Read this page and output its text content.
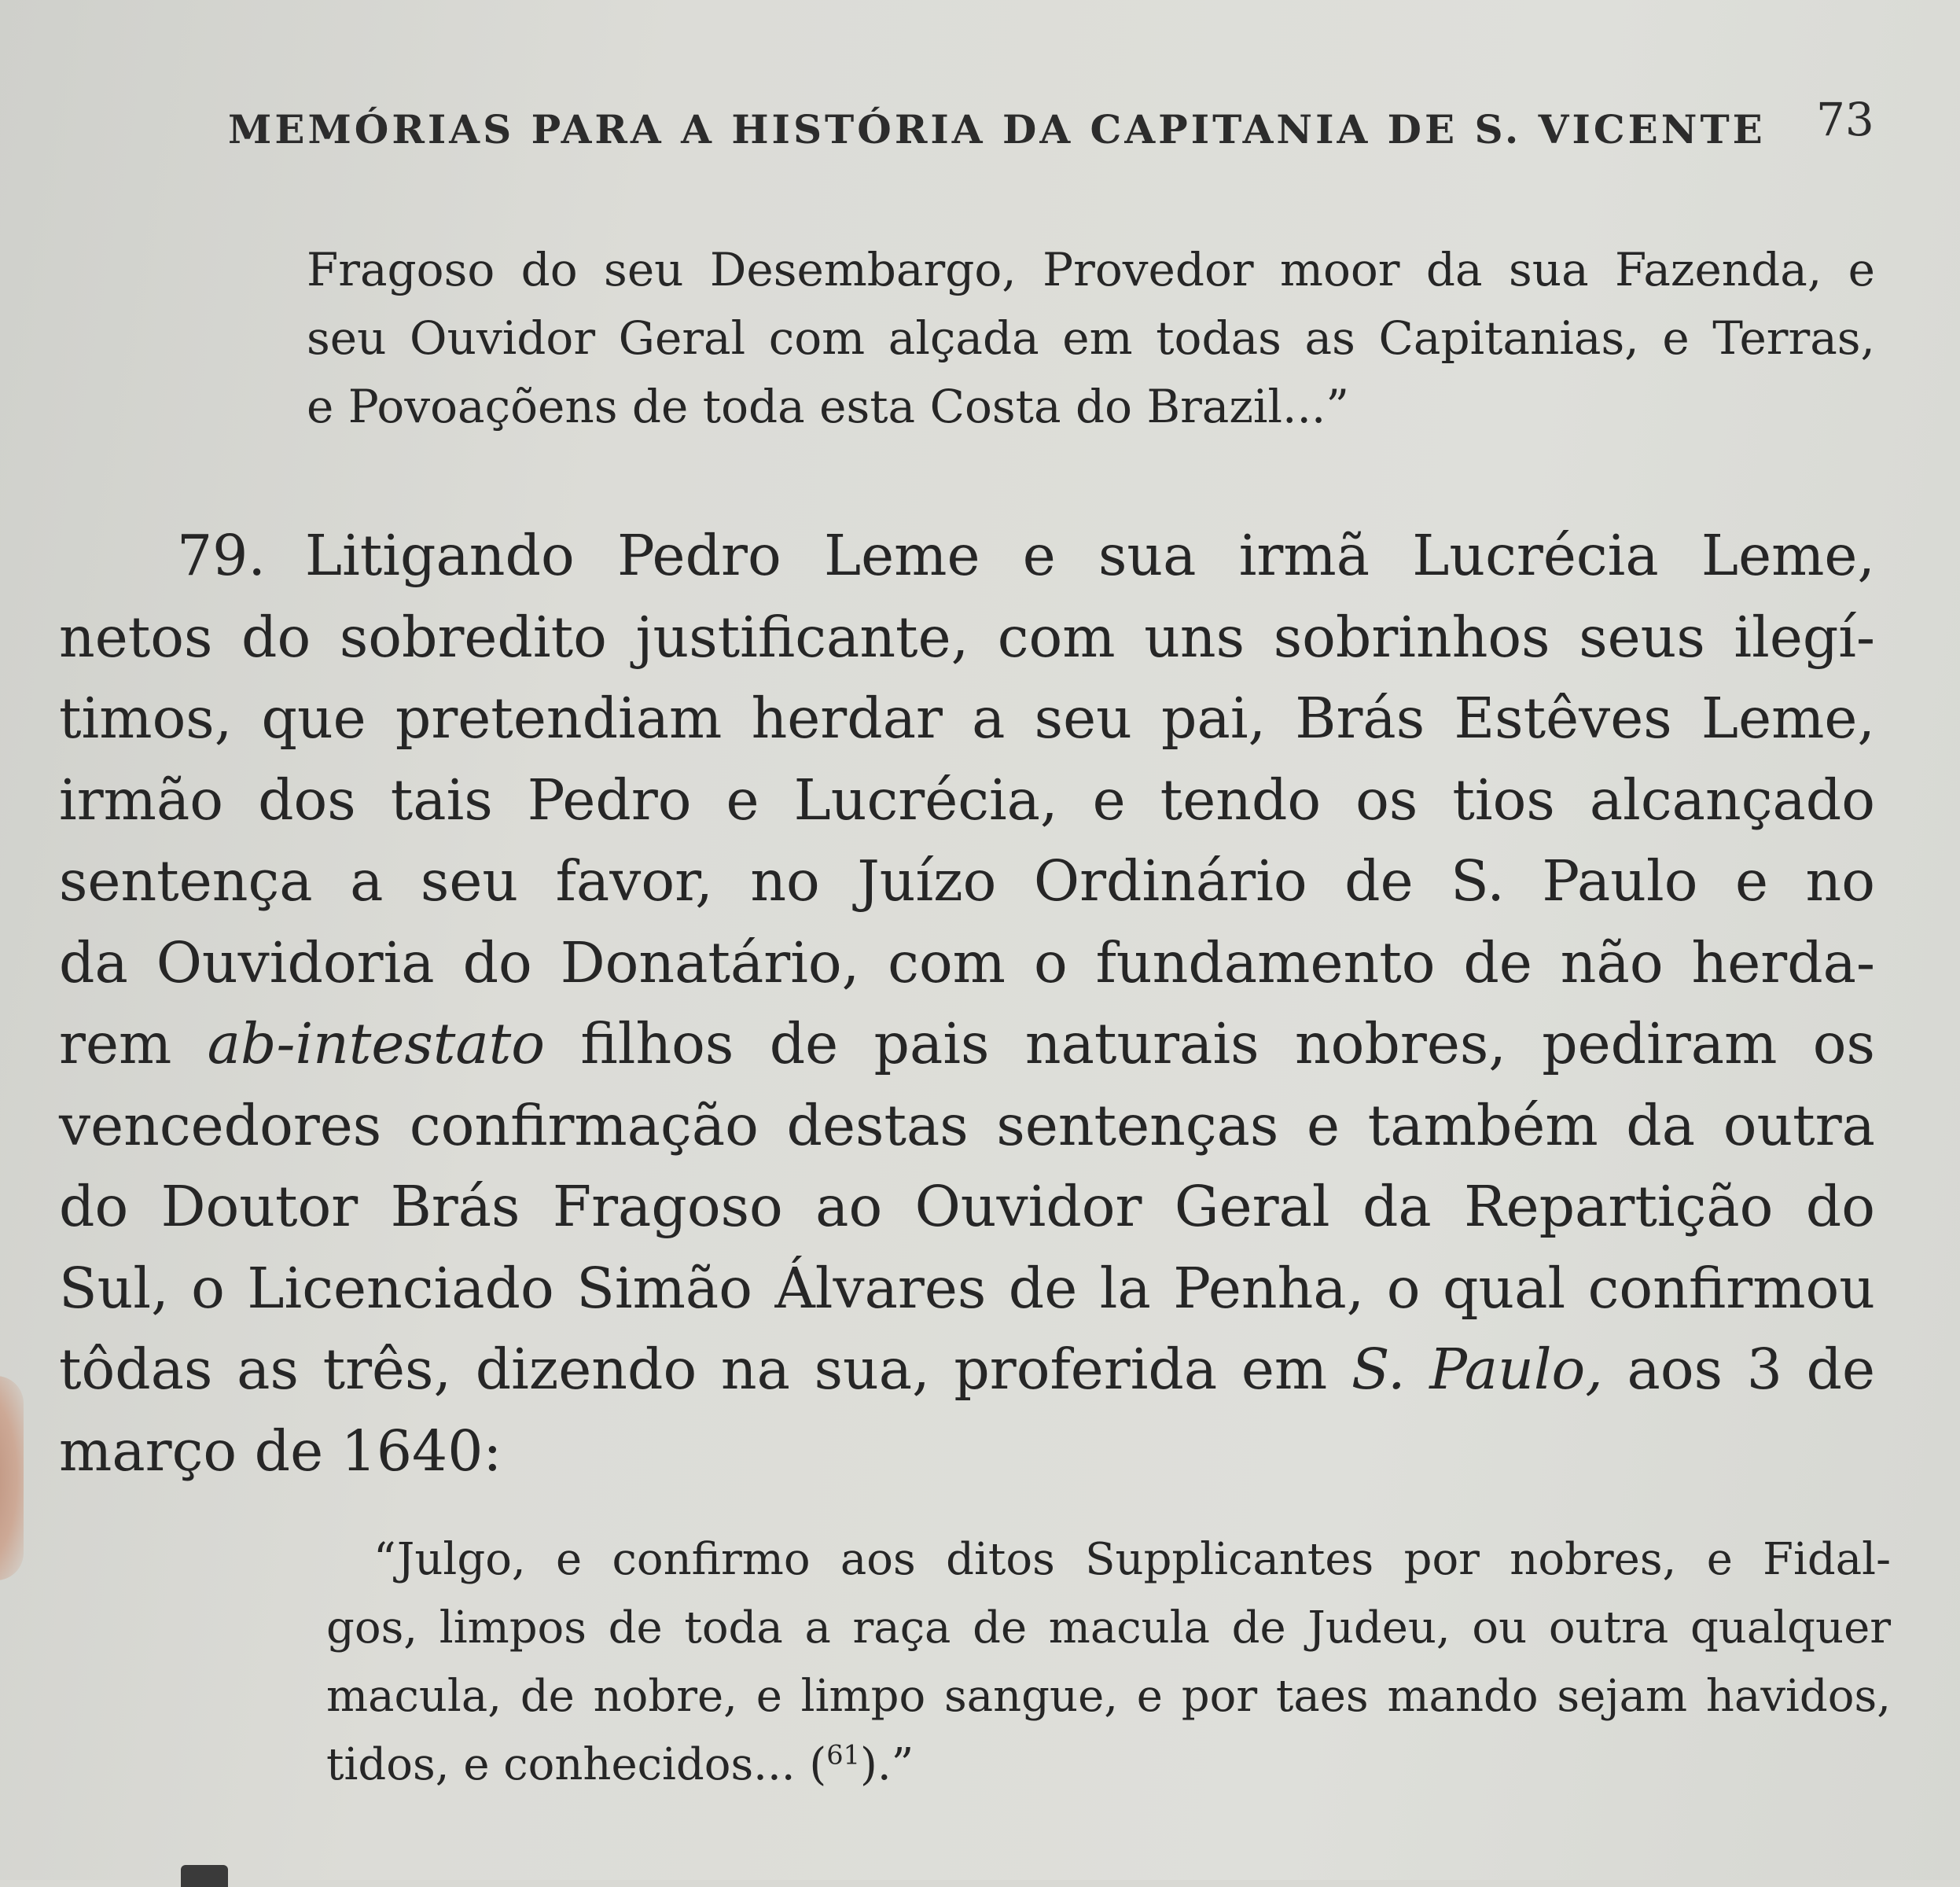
MEMÓRIAS PARA A HISTÓRIA DA CAPITANIA DE S. VICENTE 73
Fragoso do seu Desembargo, Provedor moor da sua Fazenda, e
seu Ouvidor Geral com alçada em todas as Capitanias, e Terras,
e Povoaçõens de toda esta Costa do Brazil...”
79. Litigando Pedro Leme e sua irmã Lucrécia Leme,
netos do sobredito justificante, com uns sobrinhos seus ilegí-
timos, que pretendiam herdar a seu pai, Brás Estêves Leme,
irmão dos tais Pedro e Lucrécia, e tendo os tios alcançado
sentença a seu favor, no Juízo Ordinário de S. Paulo e no
da Ouvidoria do Donatário, com o fundamento de não herda-
rem ab-intestato filhos de pais naturais nobres, pediram os
vencedores confirmação destas sentenças e também da outra
do Doutor Brás Fragoso ao Ouvidor Geral da Repartição do
Sul, o Licenciado Simão Álvares de la Penha, o qual confirmou
tôdas as três, dizendo na sua, proferida em S. Paulo, aos 3 de
março de 1640:
“Julgo, e confirmo aos ditos Supplicantes por nobres, e Fidal-
gos, limpos de toda a raça de macula de Judeu, ou outra qualquer
macula, de nobre, e limpo sangue, e por taes mando sejam havidos,
tidos, e conhecidos... ($^{61}$).”
